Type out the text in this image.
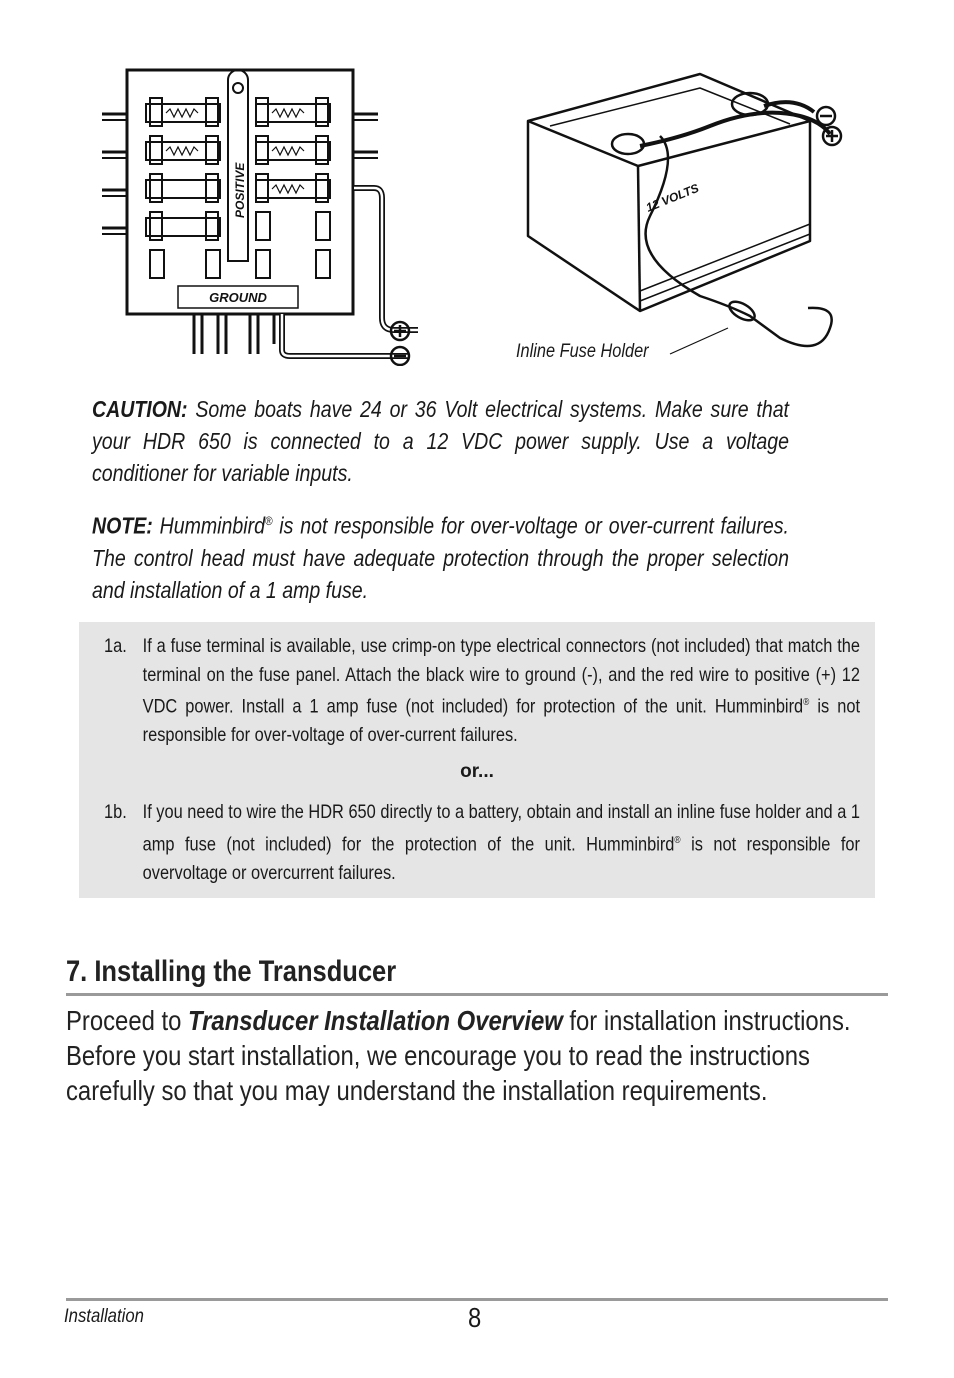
POSITIVE
GROUND
12 VOLTS
Inline Fuse Holder
CAUTION: Some boats have 24 or 36 Volt electrical systems. Make sure that your HDR 650 is connected to a 12 VDC power supply. Use a voltage conditioner for variable inputs.
NOTE: Humminbird® is not responsible for over-voltage or over-current failures. The control head must have adequate protection through the proper selection and installation of a 1 amp fuse.
1a. If a fuse terminal is available, use crimp-on type electrical connectors (not included) that match the terminal on the fuse panel. Attach the black wire to ground (-), and the red wire to positive (+) 12 VDC power. Install a 1 amp fuse (not included) for protection of the unit. Humminbird® is not responsible for over-voltage of over-current failures.
or...
1b. If you need to wire the HDR 650 directly to a battery, obtain and install an inline fuse holder and a 1 amp fuse (not included) for the protection of the unit. Humminbird® is not responsible for overvoltage or overcurrent failures.
7. Installing the Transducer
Proceed to Transducer Installation Overview for installation instructions. Before you start installation, we encourage you to read the instructions carefully so that you may understand the installation requirements.
Installation	8
